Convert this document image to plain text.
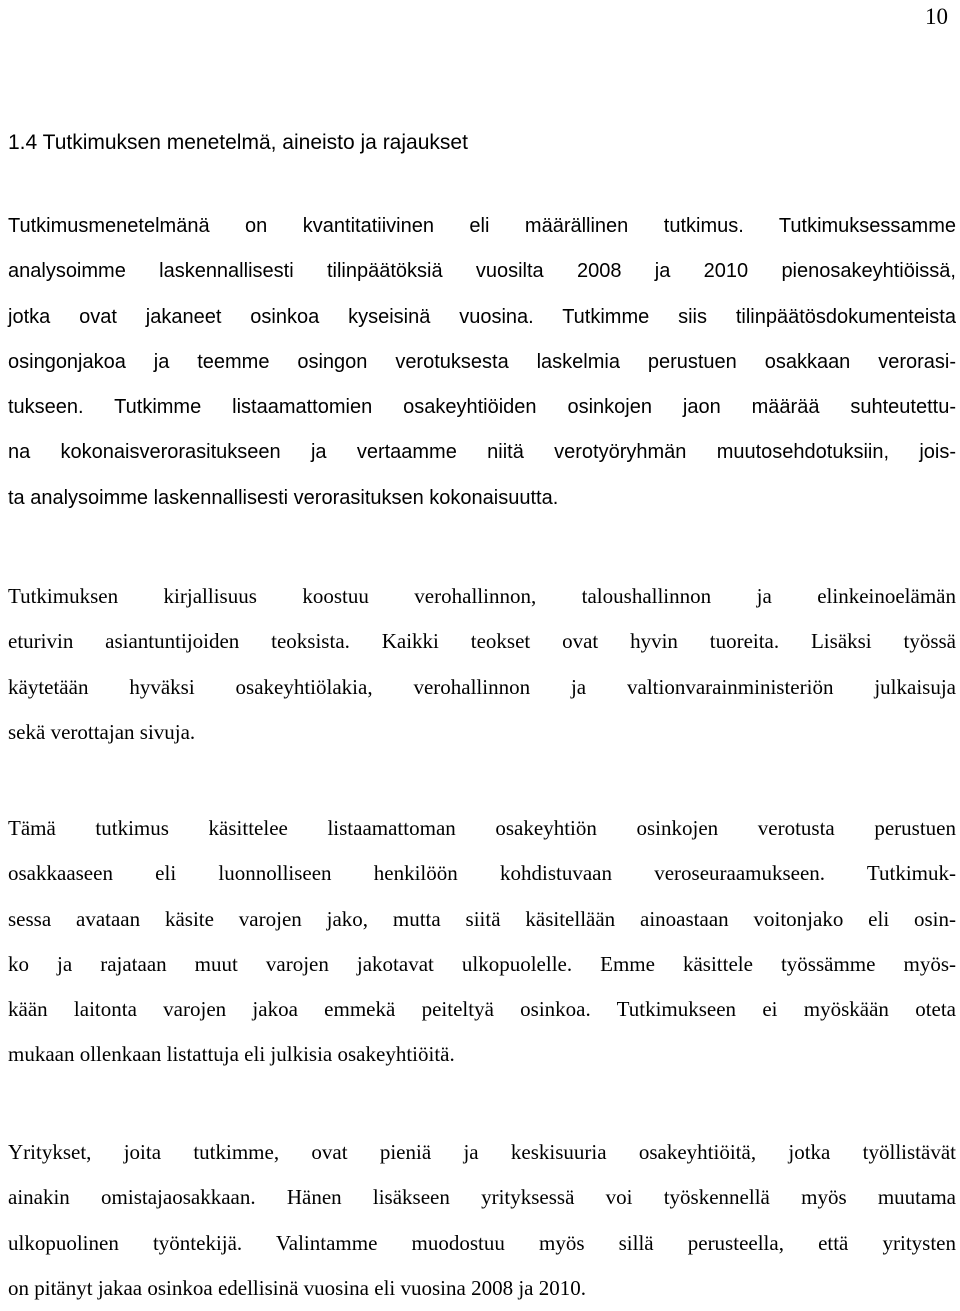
10
1.4 Tutkimuksen menetelmä, aineisto ja rajaukset
Tutkimusmenetelmänä on kvantitatiivinen eli määrällinen tutkimus. Tutkimuksessamme
analysoimme laskennallisesti tilinpäätöksiä vuosilta 2008 ja 2010 pienosakeyhtiöissä,
jotka ovat jakaneet osinkoa kyseisinä vuosina. Tutkimme siis tilinpäätösdokumenteista
osingonjakoa ja teemme osingon verotuksesta laskelmia perustuen osakkaan verorasi-
tukseen. Tutkimme listaamattomien osakeyhtiöiden osinkojen jaon määrää suhteutettu-
na kokonaisverorasitukseen ja vertaamme niitä verotyöryhmän muutosehdotuksiin, jois-
ta analysoimme laskennallisesti verorasituksen kokonaisuutta.
Tutkimuksen kirjallisuus koostuu verohallinnon, taloushallinnon ja elinkeinoelämän
eturivin asiantuntijoiden teoksista. Kaikki teokset ovat hyvin tuoreita. Lisäksi työssä
käytetään hyväksi osakeyhtiölakia, verohallinnon ja valtionvarainministeriön julkaisuja
sekä verottajan sivuja.
Tämä tutkimus käsittelee listaamattoman osakeyhtiön osinkojen verotusta perustuen
osakkaaseen eli luonnolliseen henkilöön kohdistuvaan veroseuraamukseen. Tutkimuk-
sessa avataan käsite varojen jako, mutta siitä käsitellään ainoastaan voitonjako eli osin-
ko ja rajataan muut varojen jakotavat ulkopuolelle. Emme käsittele työssämme myös-
kään laitonta varojen jakoa emmekä peiteltyä osinkoa. Tutkimukseen ei myöskään oteta
mukaan ollenkaan listattuja eli julkisia osakeyhtiöitä.
Yritykset, joita tutkimme, ovat pieniä ja keskisuuria osakeyhtiöitä, jotka työllistävät
ainakin omistajaosakkaan. Hänen lisäkseen yrityksessä voi työskennellä myös muutama
ulkopuolinen työntekijä. Valintamme muodostuu myös sillä perusteella, että yritysten
on pitänyt jakaa osinkoa edellisinä vuosina eli vuosina 2008 ja 2010.
